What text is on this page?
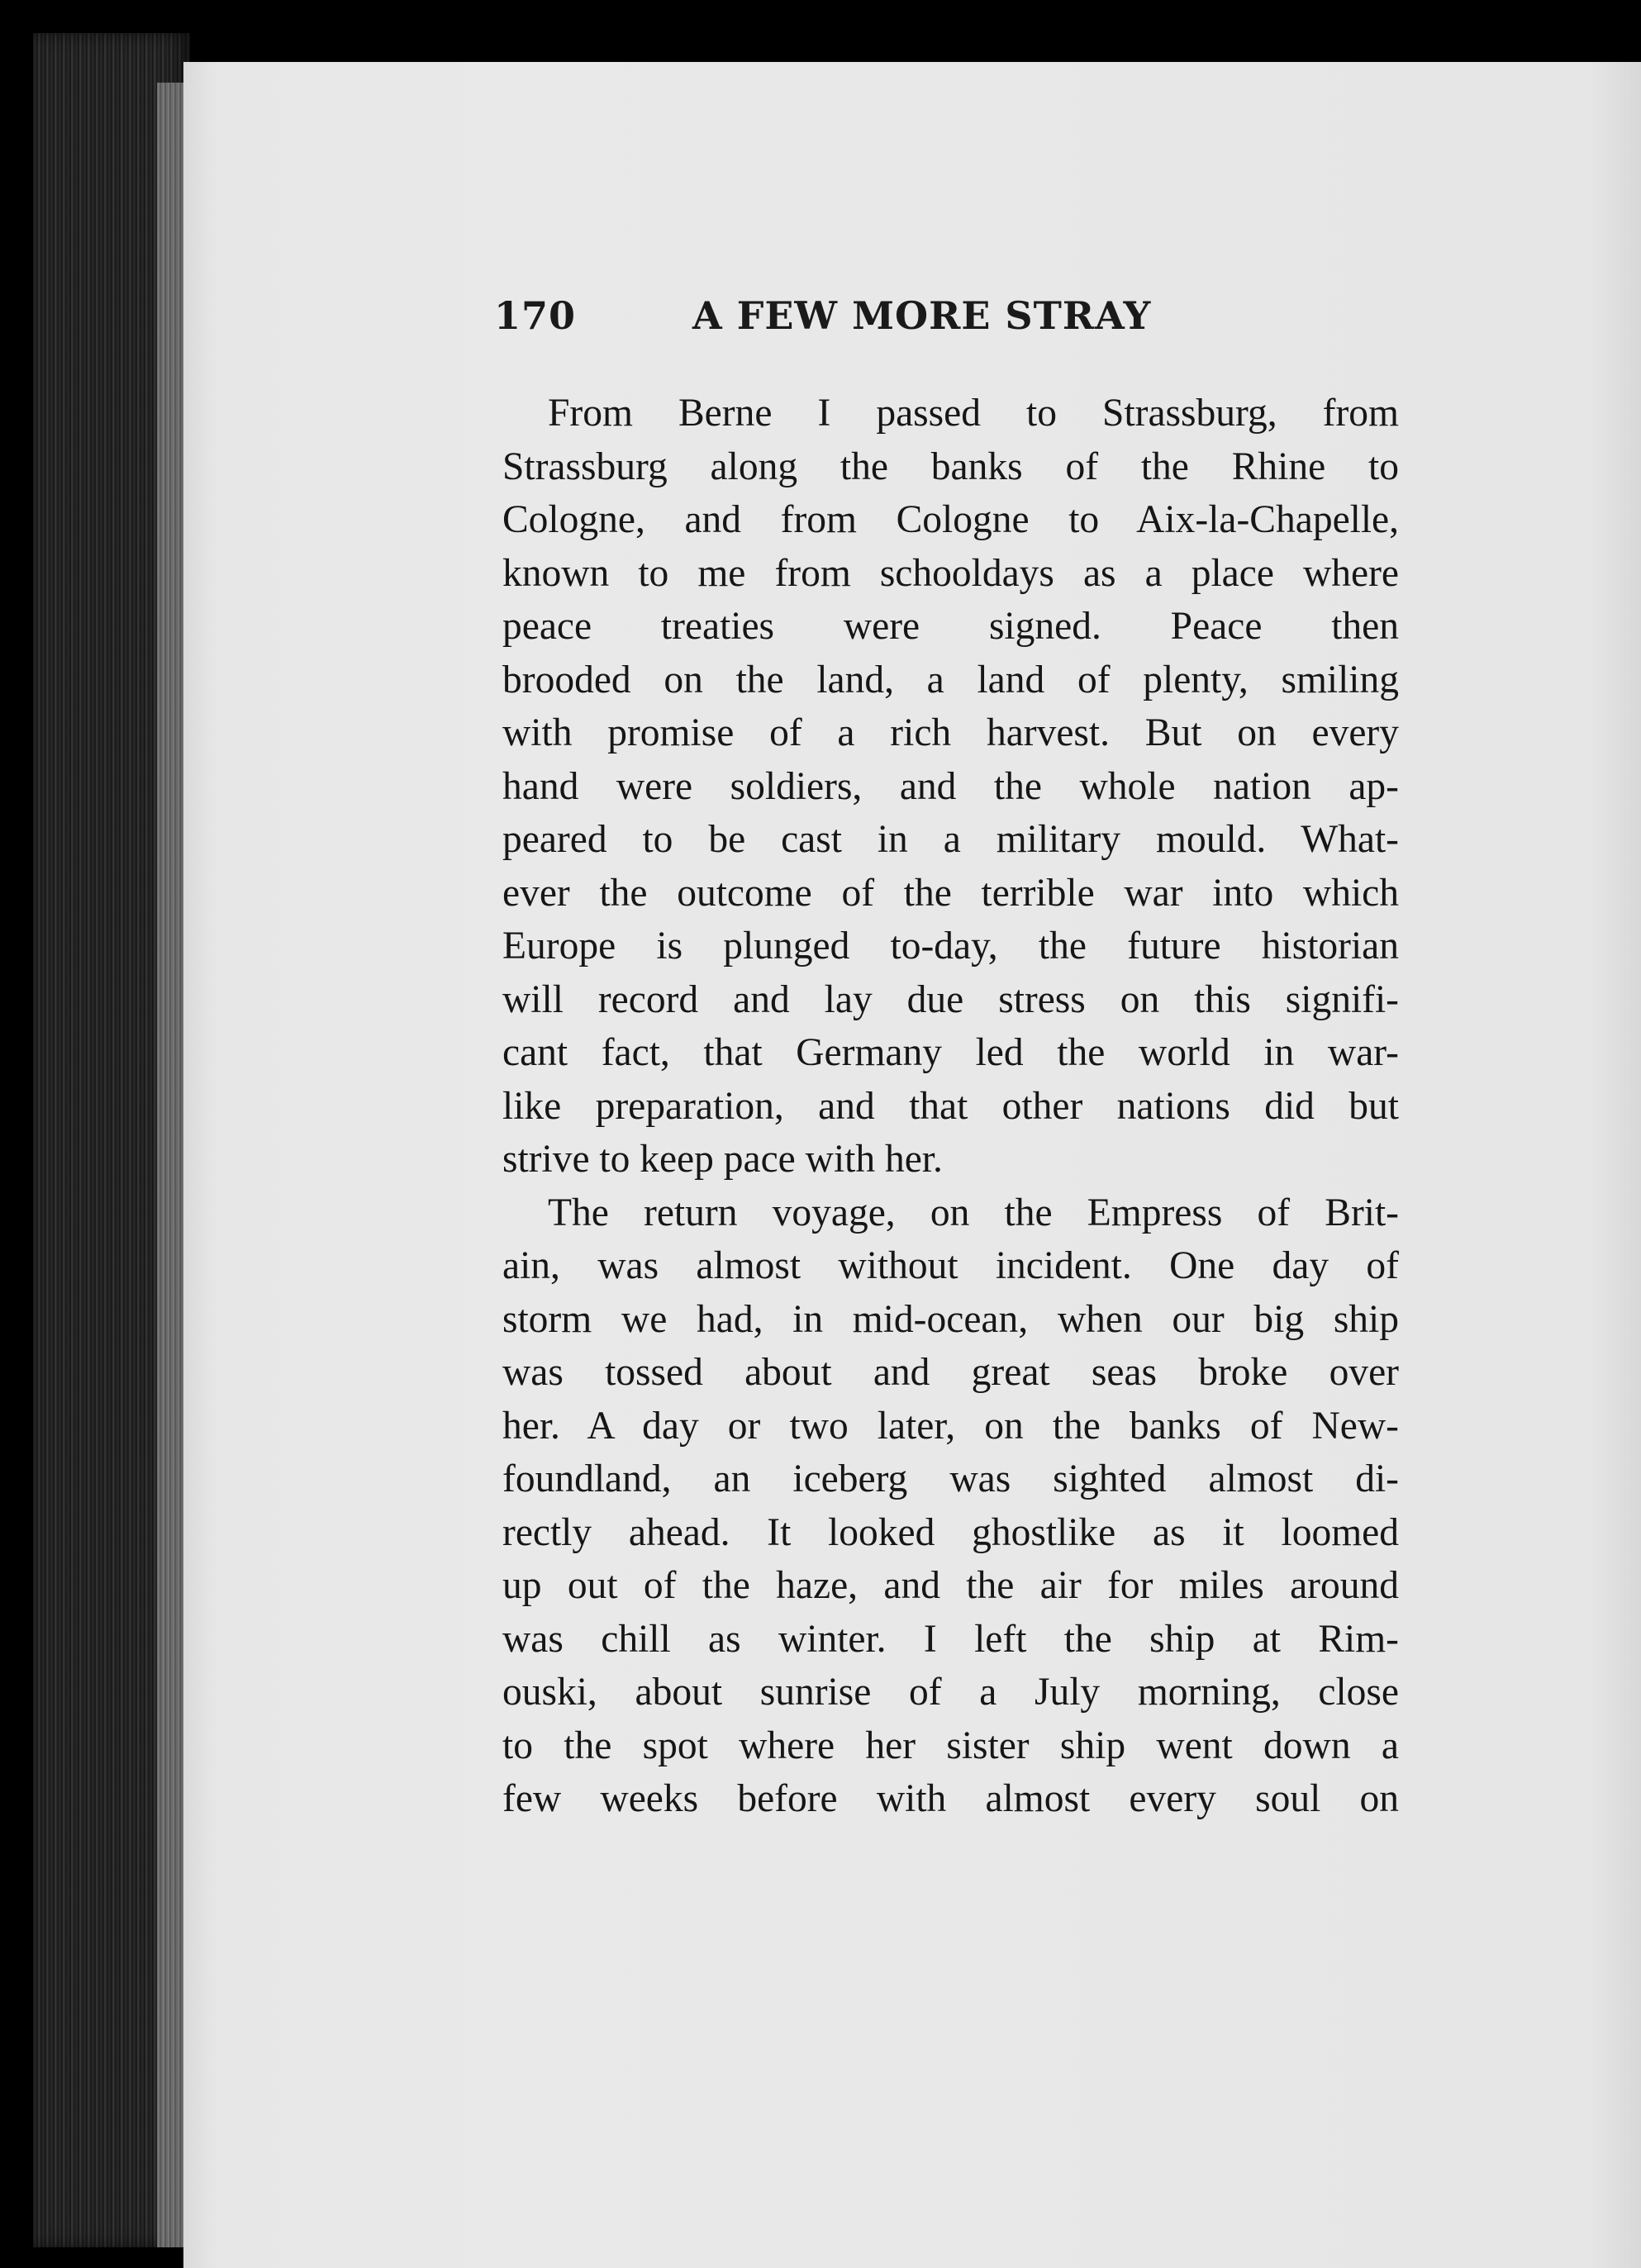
170	A FEW MORE STRAY
From Berne I passed to Strassburg, from
Strassburg along the banks of the Rhine to
Cologne, and from Cologne to Aix-la-Chapelle,
known to me from schooldays as a place where
peace treaties were signed. Peace then
brooded on the land, a land of plenty, smiling
with promise of a rich harvest. But on every
hand were soldiers, and the whole nation ap-
peared to be cast in a military mould. What-
ever the outcome of the terrible war into which
Europe is plunged to-day, the future historian
will record and lay due stress on this signifi-
cant fact, that Germany led the world in war-
like preparation, and that other nations did but
strive to keep pace with her.
The return voyage, on the Empress of Brit-
ain, was almost without incident. One day of
storm we had, in mid-ocean, when our big ship
was tossed about and great seas broke over
her. A day or two later, on the banks of New-
foundland, an iceberg was sighted almost di-
rectly ahead. It looked ghostlike as it loomed
up out of the haze, and the air for miles around
was chill as winter. I left the ship at Rim-
ouski, about sunrise of a July morning, close
to the spot where her sister ship went down a
few weeks before with almost every soul on
